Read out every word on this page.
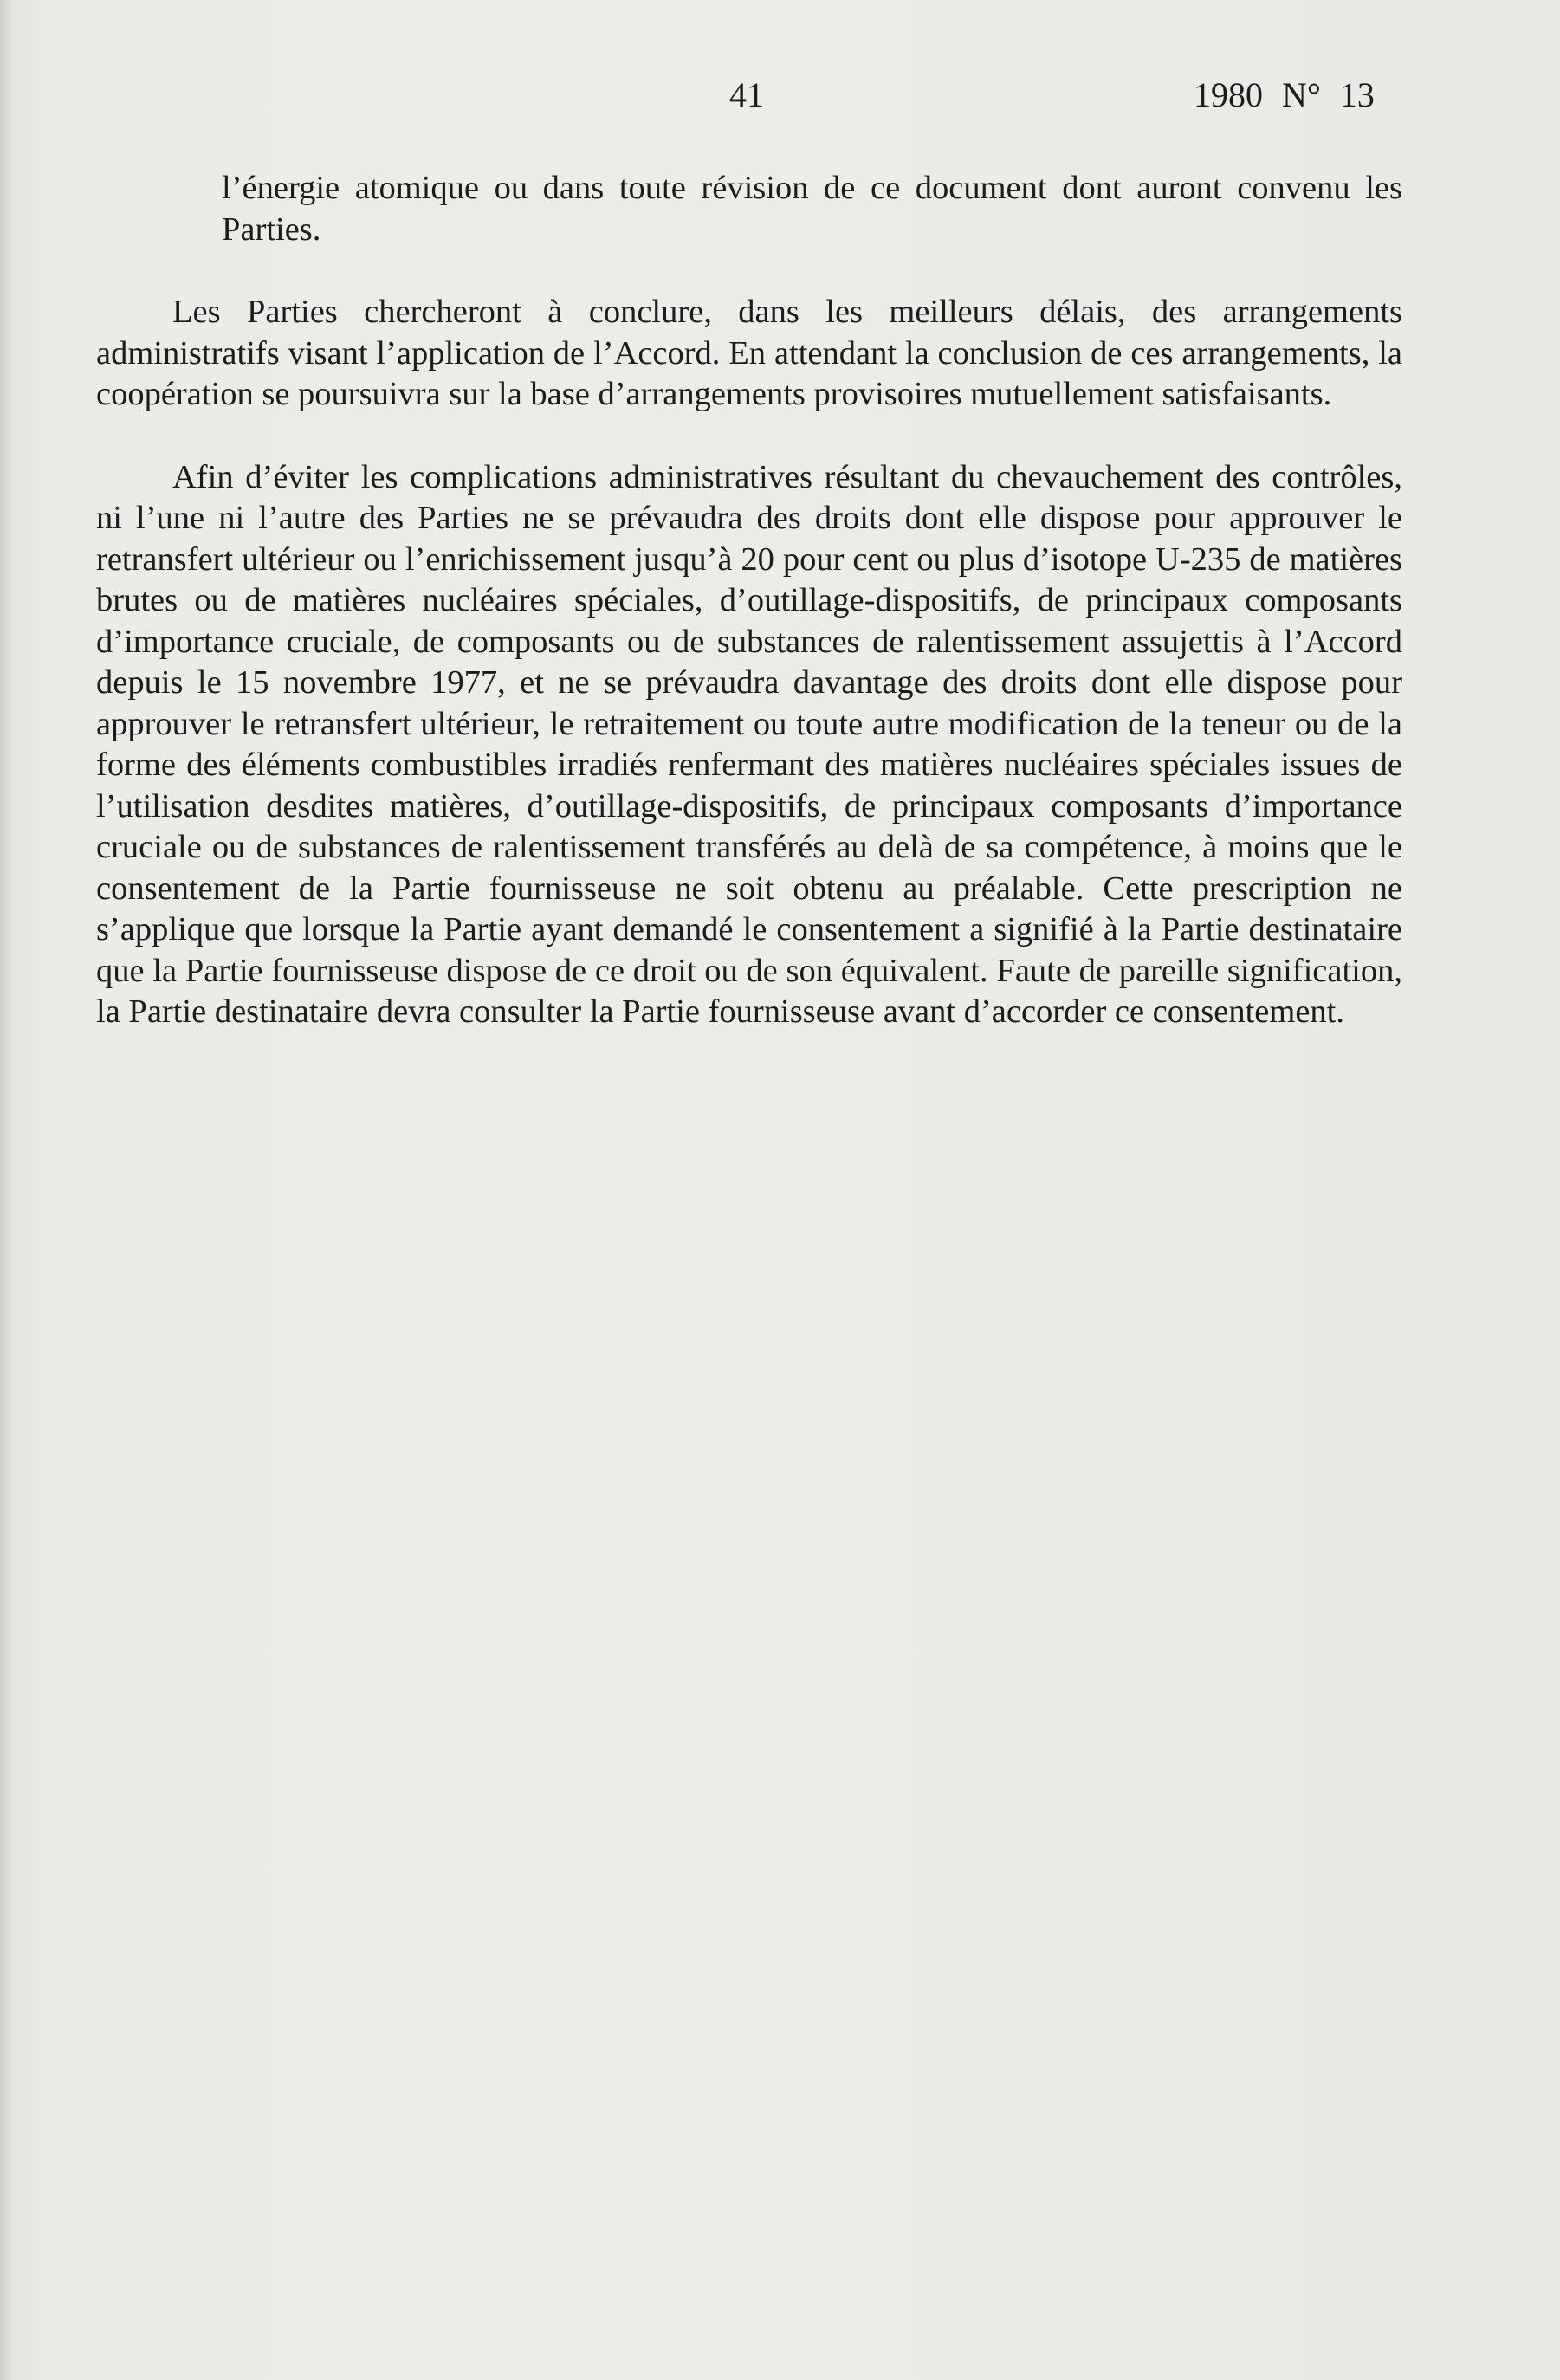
41	1980 N° 13

l’énergie atomique ou dans toute révision de ce document dont auront convenu les Parties.

Les Parties chercheront à conclure, dans les meilleurs délais, des arrangements administratifs visant l’application de l’Accord. En attendant la conclusion de ces arrangements, la coopération se poursuivra sur la base d’arrangements provisoires mutuellement satisfaisants.

Afin d’éviter les complications administratives résultant du chevauchement des contrôles, ni l’une ni l’autre des Parties ne se prévaudra des droits dont elle dispose pour approuver le retransfert ultérieur ou l’enrichissement jusqu’à 20 pour cent ou plus d’isotope U-235 de matières brutes ou de matières nucléaires spéciales, d’outillage-dispositifs, de principaux composants d’importance cruciale, de composants ou de substances de ralentissement assujettis à l’Accord depuis le 15 novembre 1977, et ne se prévaudra davantage des droits dont elle dispose pour approuver le retransfert ultérieur, le retraitement ou toute autre modification de la teneur ou de la forme des éléments combustibles irradiés renfermant des matières nucléaires spéciales issues de l’utilisation desdites matières, d’outillage-dispositifs, de principaux composants d’importance cruciale ou de substances de ralentissement transférés au delà de sa compétence, à moins que le consentement de la Partie fournisseuse ne soit obtenu au préalable. Cette prescription ne s’applique que lorsque la Partie ayant demandé le consentement a signifié à la Partie destinataire que la Partie fournisseuse dispose de ce droit ou de son équivalent. Faute de pareille signification, la Partie destinataire devra consulter la Partie fournisseuse avant d’accorder ce consentement.
